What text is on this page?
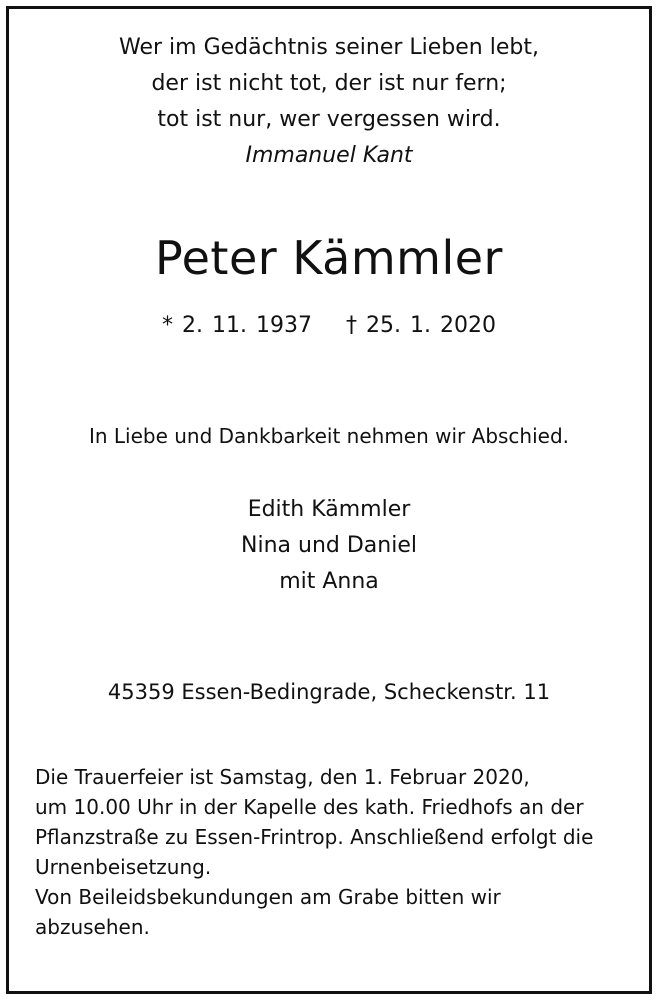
Wer im Gedächtnis seiner Lieben lebt,
der ist nicht tot, der ist nur fern;
tot ist nur, wer vergessen wird.
Immanuel Kant
Peter Kämmler
* 2. 11. 1937 † 25. 1. 2020
In Liebe und Dankbarkeit nehmen wir Abschied.
Edith Kämmler
Nina und Daniel
mit Anna
45359 Essen-Bedingrade, Scheckenstr. 11
Die Trauerfeier ist Samstag, den 1. Februar 2020,
um 10.00 Uhr in der Kapelle des kath. Friedhofs an der
Pflanzstraße zu Essen-Frintrop. Anschließend erfolgt die
Urnenbeisetzung.
Von Beileidsbekundungen am Grabe bitten wir
abzusehen.
